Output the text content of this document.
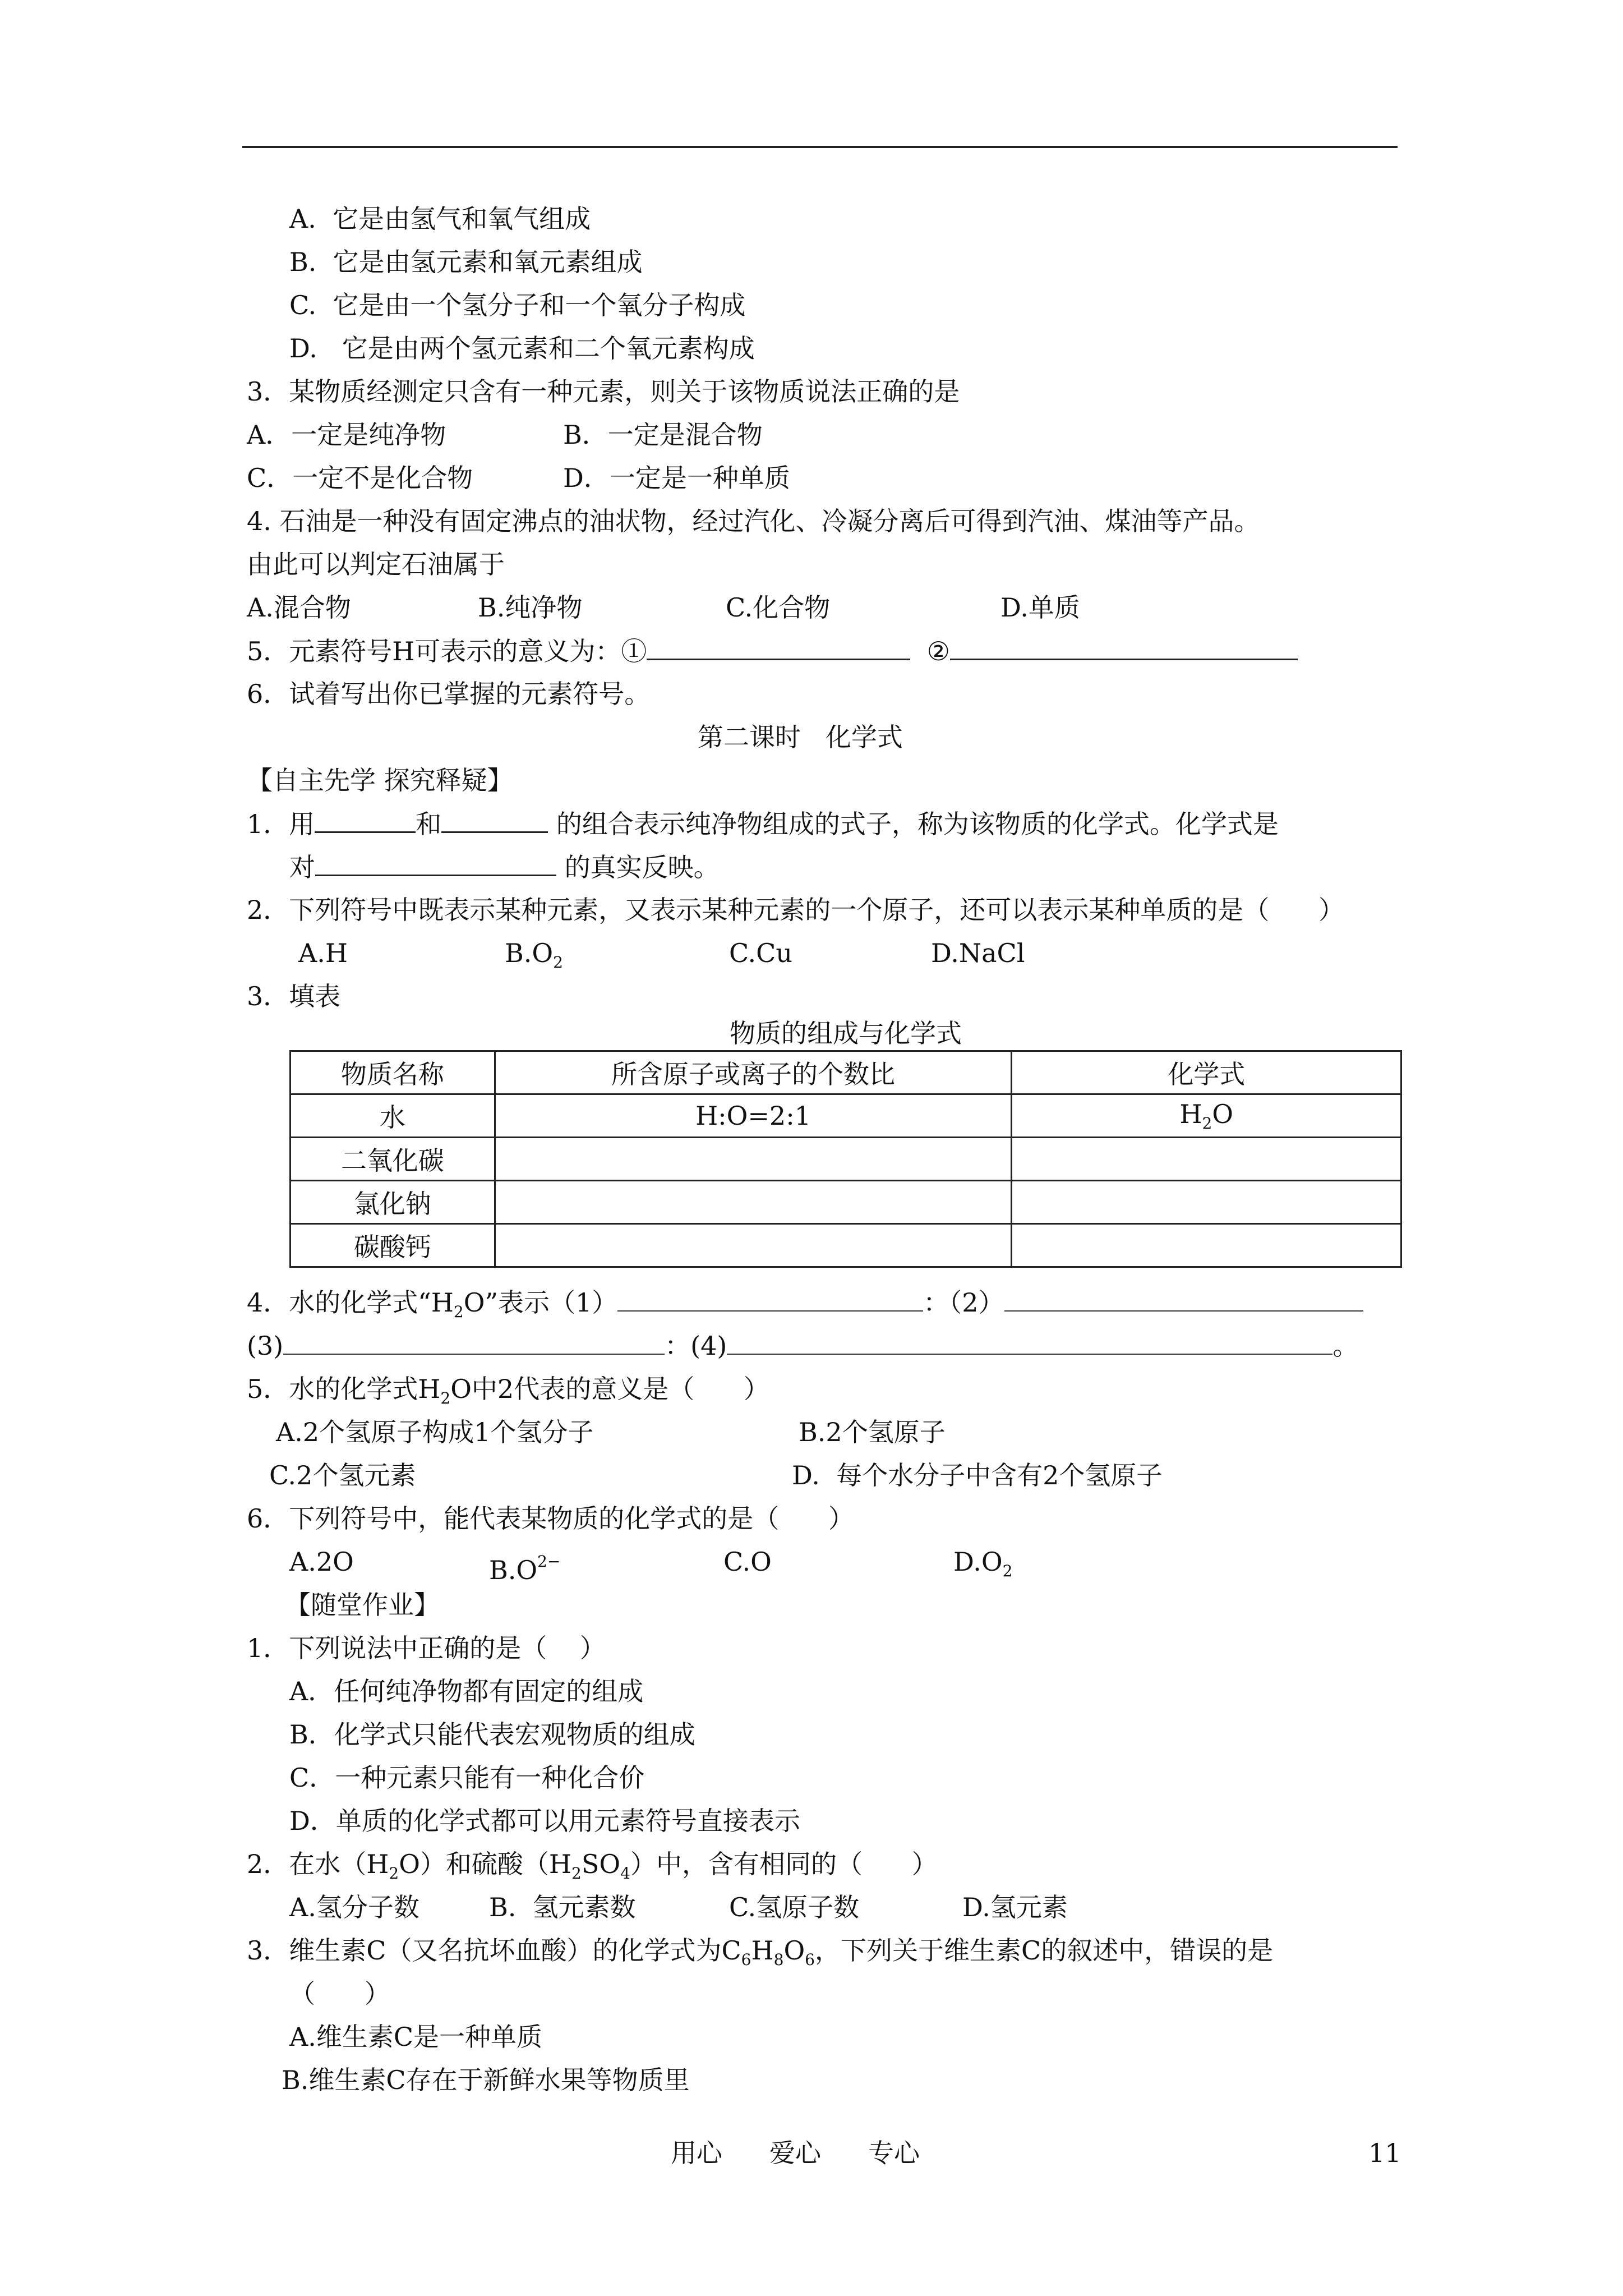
A.  它是由氢气和氧气组成
B.  它是由氢元素和氧元素组成
C.  它是由一个氢分子和一个氧分子构成
D.   它是由两个氢元素和二个氧元素构成
3．某物质经测定只含有一种元素，则关于该物质说法正确的是
A．一定是纯净物	B．一定是混合物
C．一定不是化合物	D．一定是一种单质
4. 石油是一种没有固定沸点的油状物，经过汽化、冷凝分离后可得到汽油、煤油等产品。
由此可以判定石油属于
A.混合物	B.纯净物	C.化合物	D.单质
5．元素符号H可表示的意义为：①	②
6．试着写出你已掌握的元素符号。
第二课时   化学式
【自主先学 探究释疑】
1．用	和	的组合表示纯净物组成的式子，称为该物质的化学式。化学式是
对	的真实反映。
2．下列符号中既表示某种元素，又表示某种元素的一个原子，还可以表示某种单质的是（      ）
A.H	$B.O_2$	C.Cu	D.NaCl
3．填表
物质的组成与化学式
物质名称	所含原子或离子的个数比	化学式
水	H:O=2:1	$H_2O$
二氧化碳		
氯化钠		
碳酸钙		
4．水的化学式“$H_2O$”表示（1）	：（2）
(3)	：(4)	。
5．水的化学式$H_2O$中2代表的意义是（      ）
A.2个氢原子构成1个氢分子	B.2个氢原子
C.2个氢元素	D.  每个水分子中含有2个氢原子
6．下列符号中，能代表某物质的化学式的是（      ）
A.2O	$B.O^{2-}$	C.O	$D.O_2$
【随堂作业】
1．下列说法中正确的是（    ）
A．任何纯净物都有固定的组成
B．化学式只能代表宏观物质的组成
C．一种元素只能有一种化合价
D．单质的化学式都可以用元素符号直接表示
2．在水$(H_2O)$和硫酸$(H_2SO_4)$中，含有相同的（      ）
A.氢分子数	B.  氢元素数	C.氢原子数	D.氢元素
3．维生素C（又名抗坏血酸）的化学式为$C_6H_8O_6$，下列关于维生素C的叙述中，错误的是
（      ）
A.维生素C是一种单质
B.维生素C存在于新鲜水果等物质里
用心 爱心 专心	11
